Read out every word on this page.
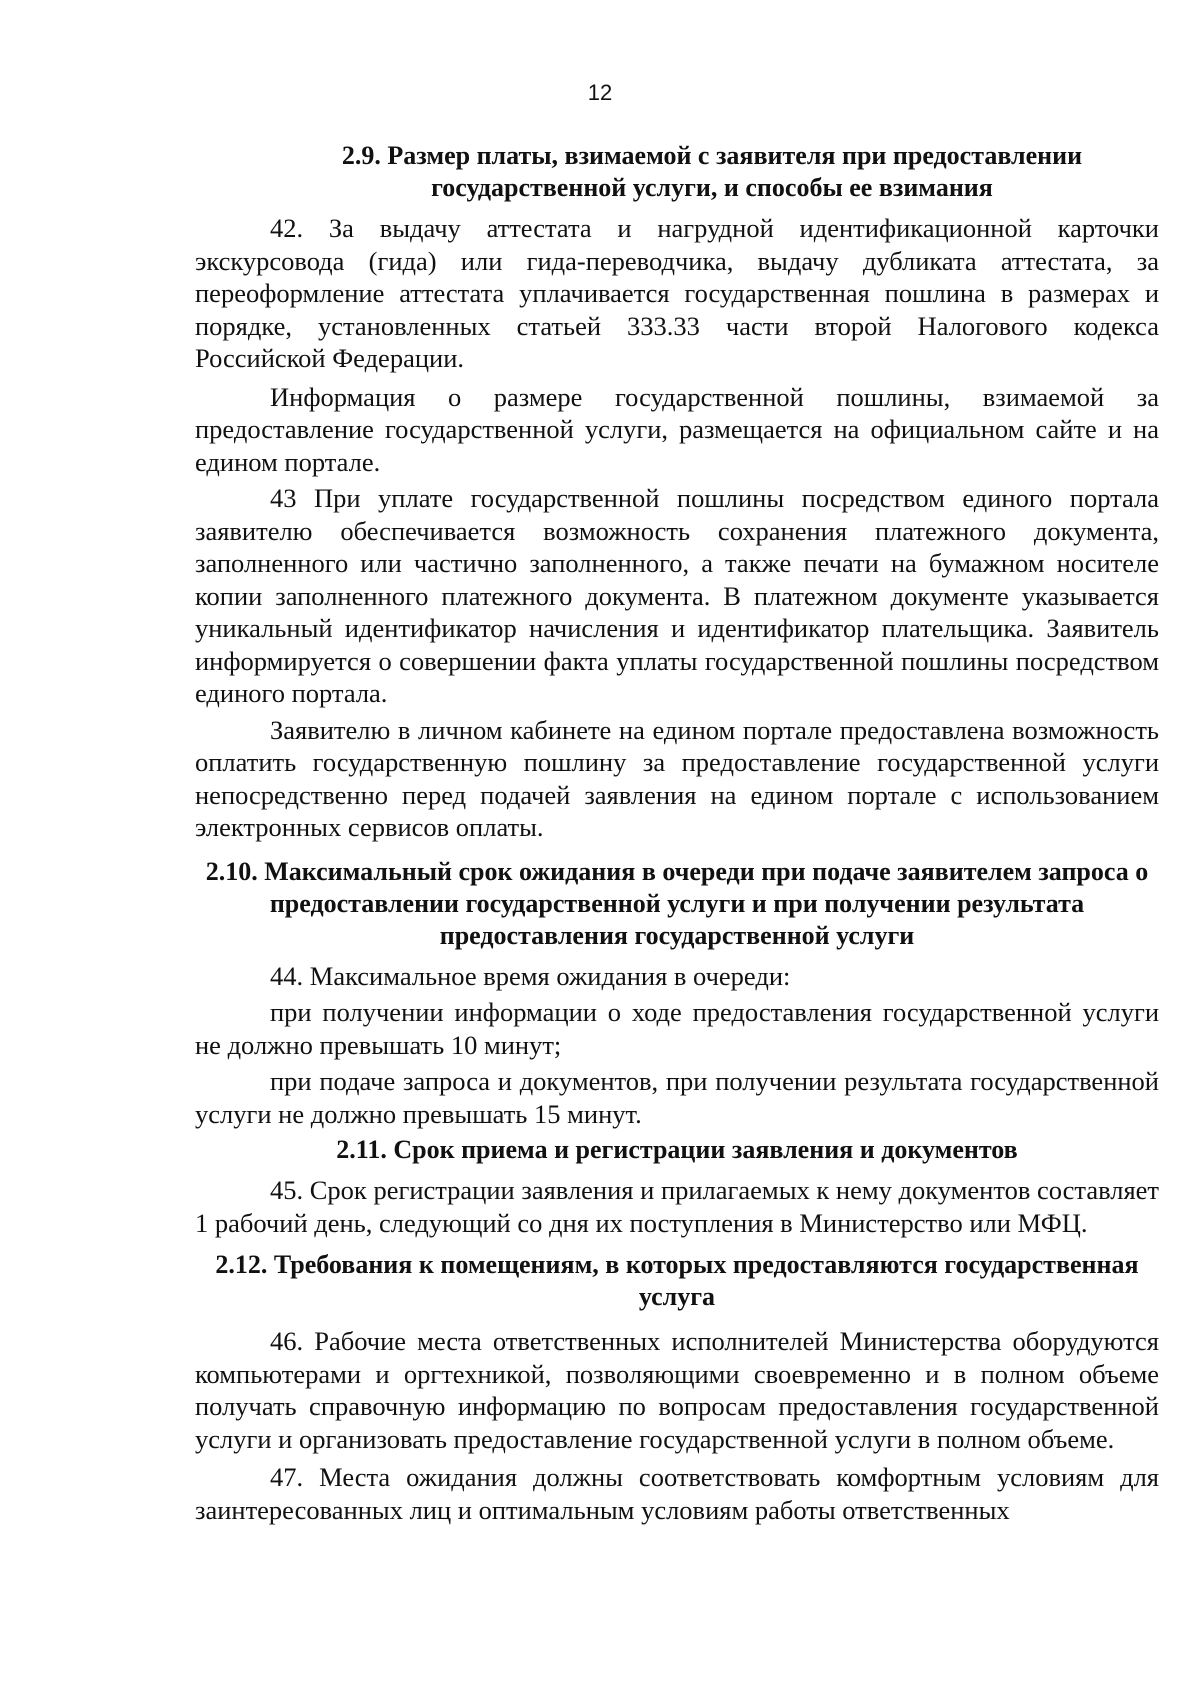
12
2.9. Размер платы, взимаемой с заявителя при предоставлении государственной услуги, и способы ее взимания

42. За выдачу аттестата и нагрудной идентификационной карточки экскурсовода (гида) или гида-переводчика, выдачу дубликата аттестата, за переоформление аттестата уплачивается государственная пошлина в размерах и порядке, установленных статьей 333.33 части второй Налогового кодекса Российской Федерации.

Информация о размере государственной пошлины, взимаемой за предоставление государственной услуги, размещается на официальном сайте и на едином портале.

43 При уплате государственной пошлины посредством единого портала заявителю обеспечивается возможность сохранения платежного документа, заполненного или частично заполненного, а также печати на бумажном носителе копии заполненного платежного документа. В платежном документе указывается уникальный идентификатор начисления и идентификатор плательщика. Заявитель информируется о совершении факта уплаты государственной пошлины посредством единого портала.

Заявителю в личном кабинете на едином портале предоставлена возможность оплатить государственную пошлину за предоставление государственной услуги непосредственно перед подачей заявления на едином портале с использованием электронных сервисов оплаты.

2.10. Максимальный срок ожидания в очереди при подаче заявителем запроса о предоставлении государственной услуги и при получении результата предоставления государственной услуги

44. Максимальное время ожидания в очереди:

при получении информации о ходе предоставления государственной услуги не должно превышать 10 минут;

при подаче запроса и документов, при получении результата государственной услуги не должно превышать 15 минут.

2.11. Срок приема и регистрации заявления и документов

45. Срок регистрации заявления и прилагаемых к нему документов составляет 1 рабочий день, следующий со дня их поступления в Министерство или МФЦ.

2.12. Требования к помещениям, в которых предоставляются государственная услуга

46. Рабочие места ответственных исполнителей Министерства оборудуются компьютерами и оргтехникой, позволяющими своевременно и в полном объеме получать справочную информацию по вопросам предоставления государственной услуги и организовать предоставление государственной услуги в полном объеме.

47. Места ожидания должны соответствовать комфортным условиям для заинтересованных лиц и оптимальным условиям работы ответственных
